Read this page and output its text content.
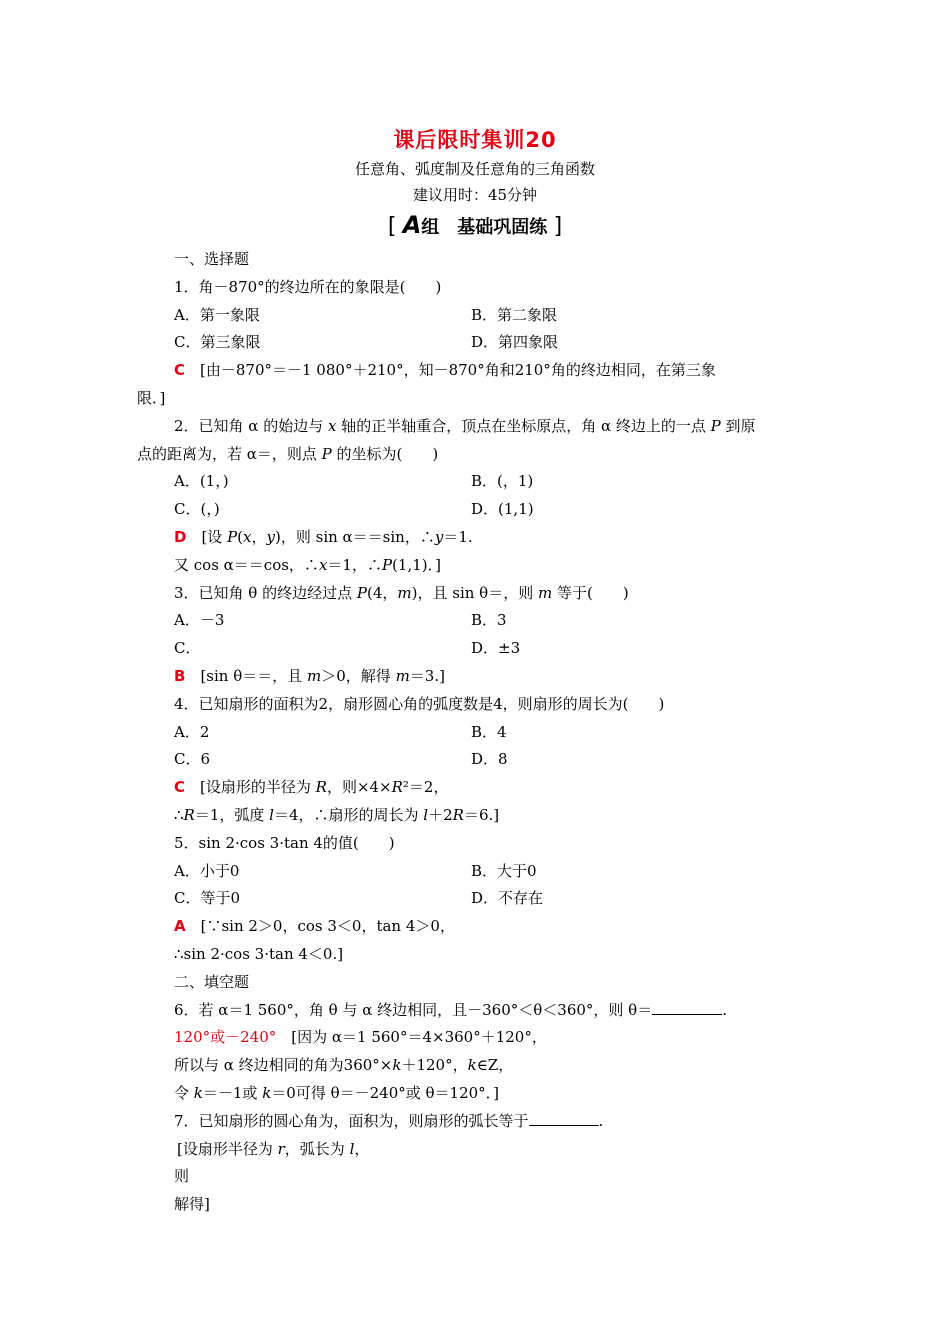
课后限时集训20
任意角、弧度制及任意角的三角函数
建议用时：45分钟
[ A组　基础巩固练 ]
一、选择题
1．角－870°的终边所在的象限是(　　)
A．第一象限	B．第二象限
C．第三象限	D．第四象限
C　[由－870°＝－1 080°＋210°，知－870°角和210°角的终边相同，在第三象
限．]
2．已知角 α 的始边与 x 轴的正半轴重合，顶点在坐标原点，角 α 终边上的一点 P 到原
点的距离为，若 α＝，则点 P 的坐标为(　　)
A．(1，)	B．(，1)
C．(，)	D．(1,1)
D　[设 P(x，y)，则 sin α＝＝sin，∴y＝1.
又 cos α＝＝cos，∴x＝1，∴P(1,1)．]
3．已知角 θ 的终边经过点 P(4，m)，且 sin θ＝，则 m 等于(　　)
A．－3	B．3
C．	D．±3
B　[sin θ＝＝，且 m＞0，解得 m＝3.]
4．已知扇形的面积为2，扇形圆心角的弧度数是4，则扇形的周长为(　　)
A．2	B．4
C．6	D．8
C　[设扇形的半径为 R，则×4×R²＝2，
∴R＝1，弧度 l＝4，∴扇形的周长为 l＋2R＝6.]
5．sin 2·cos 3·tan 4的值(　　)
A．小于0	B．大于0
C．等于0	D．不存在
A　[∵sin 2＞0，cos 3＜0，tan 4＞0，
∴sin 2·cos 3·tan 4＜0.]
二、填空题
6．若 α＝1 560°，角 θ 与 α 终边相同，且－360°＜θ＜360°，则 θ＝	.
120°或－240°　[因为 α＝1 560°＝4×360°＋120°，
所以与 α 终边相同的角为360°×k＋120°，k∈Z，
令 k＝－1或 k＝0可得 θ＝－240°或 θ＝120°．]
7．已知扇形的圆心角为，面积为，则扇形的弧长等于	.
[设扇形半径为 r，弧长为 l，
则
解得]
